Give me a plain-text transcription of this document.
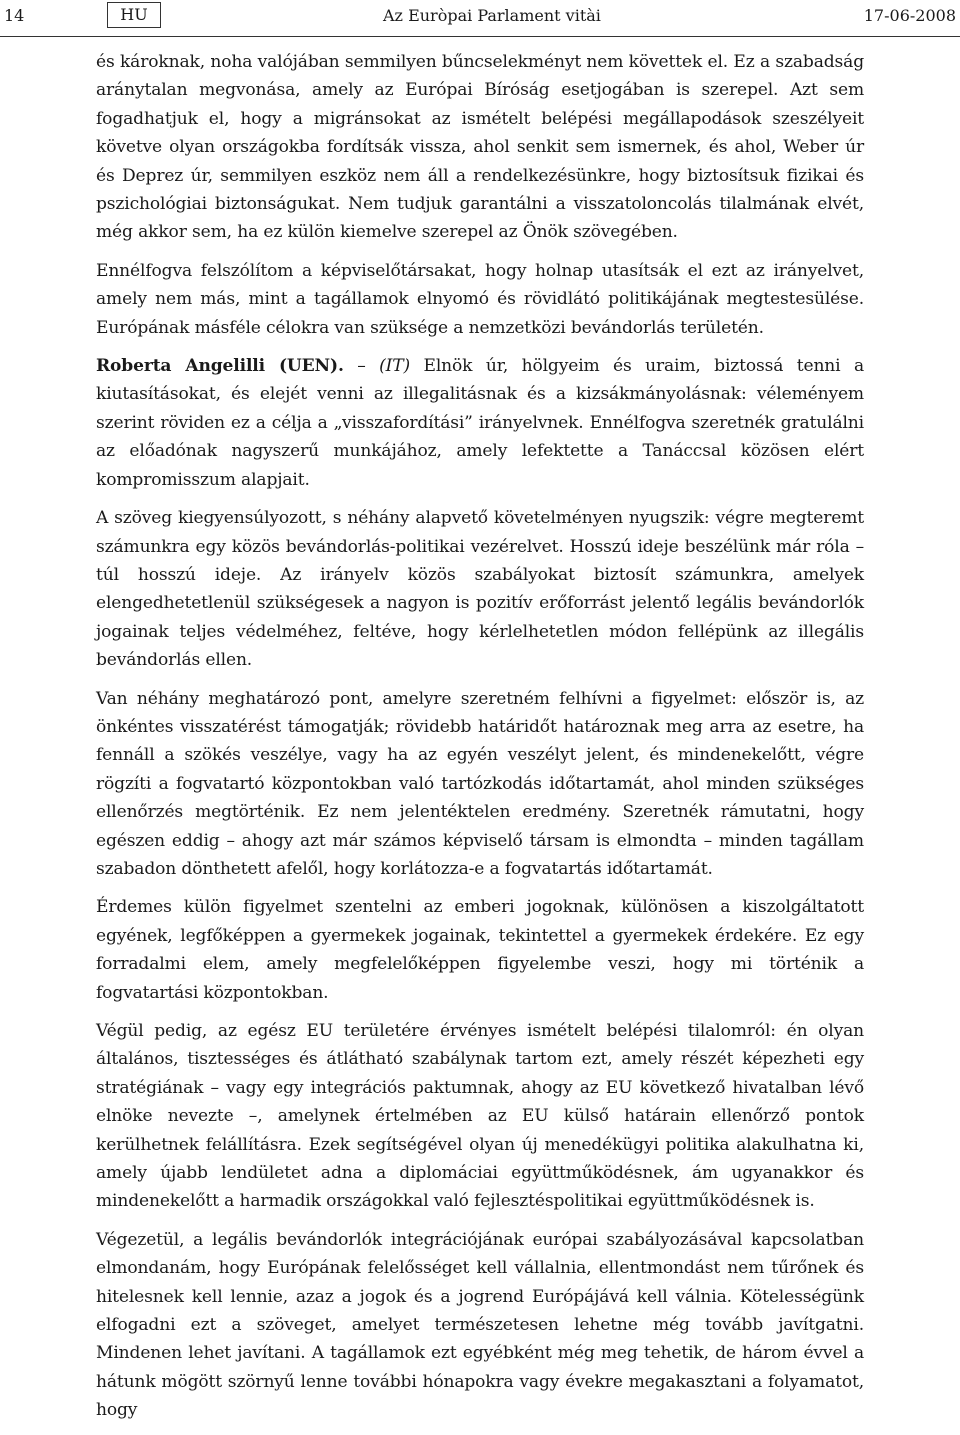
14	HU	Az Euròpai Parlament vitài	17-06-2008

és károknak, noha valójában semmilyen bűncselekményt nem követtek el. Ez a szabadság aránytalan megvonása, amely az Európai Bíróság esetjogában is szerepel. Azt sem fogadhatjuk el, hogy a migránsokat az ismételt belépési megállapodások szeszélyeit követve olyan országokba fordítsák vissza, ahol senkit sem ismernek, és ahol, Weber úr és Deprez úr, semmilyen eszköz nem áll a rendelkezésünkre, hogy biztosítsuk fizikai és pszichológiai biztonságukat. Nem tudjuk garantálni a visszatoloncolás tilalmának elvét, még akkor sem, ha ez külön kiemelve szerepel az Önök szövegében.

Ennélfogva felszólítom a képviselőtársakat, hogy holnap utasítsák el ezt az irányelvet, amely nem más, mint a tagállamok elnyomó és rövidlátó politikájának megtestesülése. Európának másféle célokra van szüksége a nemzetközi bevándorlás területén.

Roberta Angelilli (UEN). – (IT) Elnök úr, hölgyeim és uraim, biztossá tenni a kiutasításokat, és elejét venni az illegalitásnak és a kizsákmányolásnak: véleményem szerint röviden ez a célja a „visszafordítási” irányelvnek. Ennélfogva szeretnék gratulálni az előadónak nagyszerű munkájához, amely lefektette a Tanáccsal közösen elért kompromisszum alapjait.

A szöveg kiegyensúlyozott, s néhány alapvető követelményen nyugszik: végre megteremt számunkra egy közös bevándorlás-politikai vezérelvet. Hosszú ideje beszélünk már róla – túl hosszú ideje. Az irányelv közös szabályokat biztosít számunkra, amelyek elengedhetetlenül szükségesek a nagyon is pozitív erőforrást jelentő legális bevándorlók jogainak teljes védelméhez, feltéve, hogy kérlelhetetlen módon fellépünk az illegális bevándorlás ellen.

Van néhány meghatározó pont, amelyre szeretném felhívni a figyelmet: először is, az önkéntes visszatérést támogatják; rövidebb határidőt határoznak meg arra az esetre, ha fennáll a szökés veszélye, vagy ha az egyén veszélyt jelent, és mindenekelőtt, végre rögzíti a fogvatartó központokban való tartózkodás időtartamát, ahol minden szükséges ellenőrzés megtörténik. Ez nem jelentéktelen eredmény. Szeretnék rámutatni, hogy egészen eddig – ahogy azt már számos képviselő társam is elmondta – minden tagállam szabadon dönthetett afelől, hogy korlátozza-e a fogvatartás időtartamát.

Érdemes külön figyelmet szentelni az emberi jogoknak, különösen a kiszolgáltatott egyének, legfőképpen a gyermekek jogainak, tekintettel a gyermekek érdekére. Ez egy forradalmi elem, amely megfelelőképpen figyelembe veszi, hogy mi történik a fogvatartási központokban.

Végül pedig, az egész EU területére érvényes ismételt belépési tilalomról: én olyan általános, tisztességes és átlátható szabálynak tartom ezt, amely részét képezheti egy stratégiának – vagy egy integrációs paktumnak, ahogy az EU következő hivatalban lévő elnöke nevezte –, amelynek értelmében az EU külső határain ellenőrző pontok kerülhetnek felállításra. Ezek segítségével olyan új menedékügyi politika alakulhatna ki, amely újabb lendületet adna a diplomáciai együttműködésnek, ám ugyanakkor és mindenekelőtt a harmadik országokkal való fejlesztéspolitikai együttműködésnek is.

Végezetül, a legális bevándorlók integrációjának európai szabályozásával kapcsolatban elmondanám, hogy Európának felelősséget kell vállalnia, ellentmondást nem tűrőnek és hitelesnek kell lennie, azaz a jogok és a jogrend Európájává kell válnia. Kötelességünk elfogadni ezt a szöveget, amelyet természetesen lehetne még tovább javítgatni. Mindenen lehet javítani. A tagállamok ezt egyébként még meg tehetik, de három évvel a hátunk mögött szörnyű lenne további hónapokra vagy évekre megakasztani a folyamatot, hogy
